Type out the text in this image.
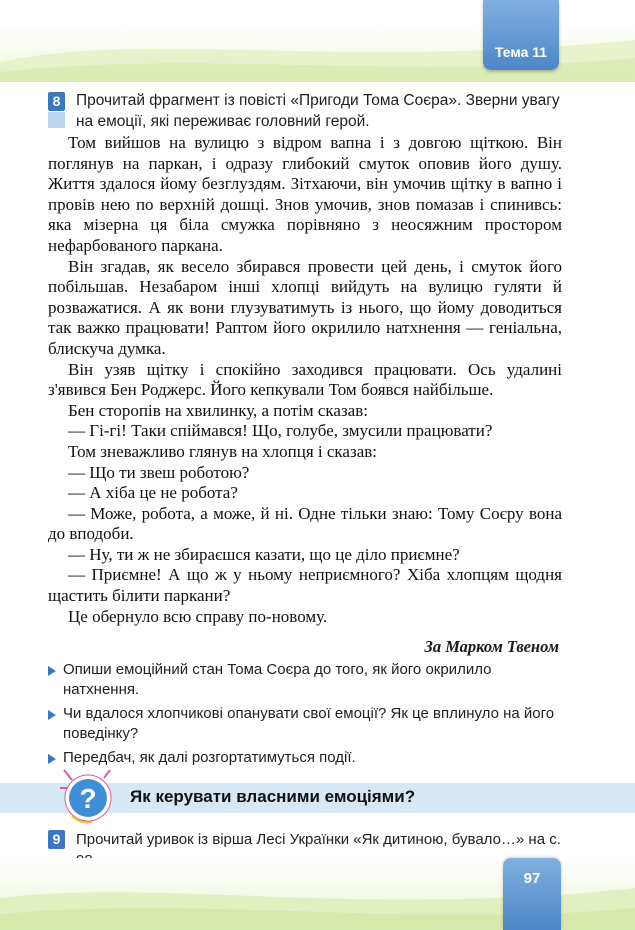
Тема 11
8 Прочитай фрагмент із повісті «Пригоди Тома Соєра». Зверни увагу
на емоції, які переживає головний герой.

Том вийшов на вулицю з відром вапна і з довгою щіткою. Він поглянув на паркан, і одразу глибокий смуток оповив його душу. Життя здалося йому безглуздям. Зітхаючи, він умочив щітку в вапно і провів нею по верхній дошці. Знов умочив, знов помазав і спинивсь: яка мізерна ця біла смужка порівняно з неосяжним простором нефарбованого паркана.

Він згадав, як весело збирався провести цей день, і смуток його побільшав. Незабаром інші хлопці вийдуть на вулицю гуляти й розважатися. А як вони глузуватимуть із нього, що йому доводиться так важко працювати! Раптом його окрилило натхнення — геніальна, блискуча думка.

Він узяв щітку і спокійно заходився працювати. Ось удалині з'явився Бен Роджерс. Його кепкували Том боявся найбільше.

Бен сторопів на хвилинку, а потім сказав:

— Гі-гі! Таки спіймався! Що, голубе, змусили працювати?

Том зневажливо глянув на хлопця і сказав:

— Що ти звеш роботою?

— А хіба це не робота?

— Може, робота, а може, й ні. Одне тільки знаю: Тому Соєру вона до вподоби.

— Ну, ти ж не збираєшся казати, що це діло приємне?

— Приємне! А що ж у ньому неприємного? Хіба хлопцям щодня щастить білити паркани?

Це обернуло всю справу по-новому.

За Марком Твеном
Опиши емоційний стан Тома Соєра до того, як його окрилило натхнення.
Чи вдалося хлопчикові опанувати свої емоції? Як це вплинуло на його поведінку?
Передбач, як далі розгортатимуться події.
? Як керувати власними емоціями?
9	Прочитай уривок із вірша Лесі Українки «Як дитиною, бувало…» на с.
97
